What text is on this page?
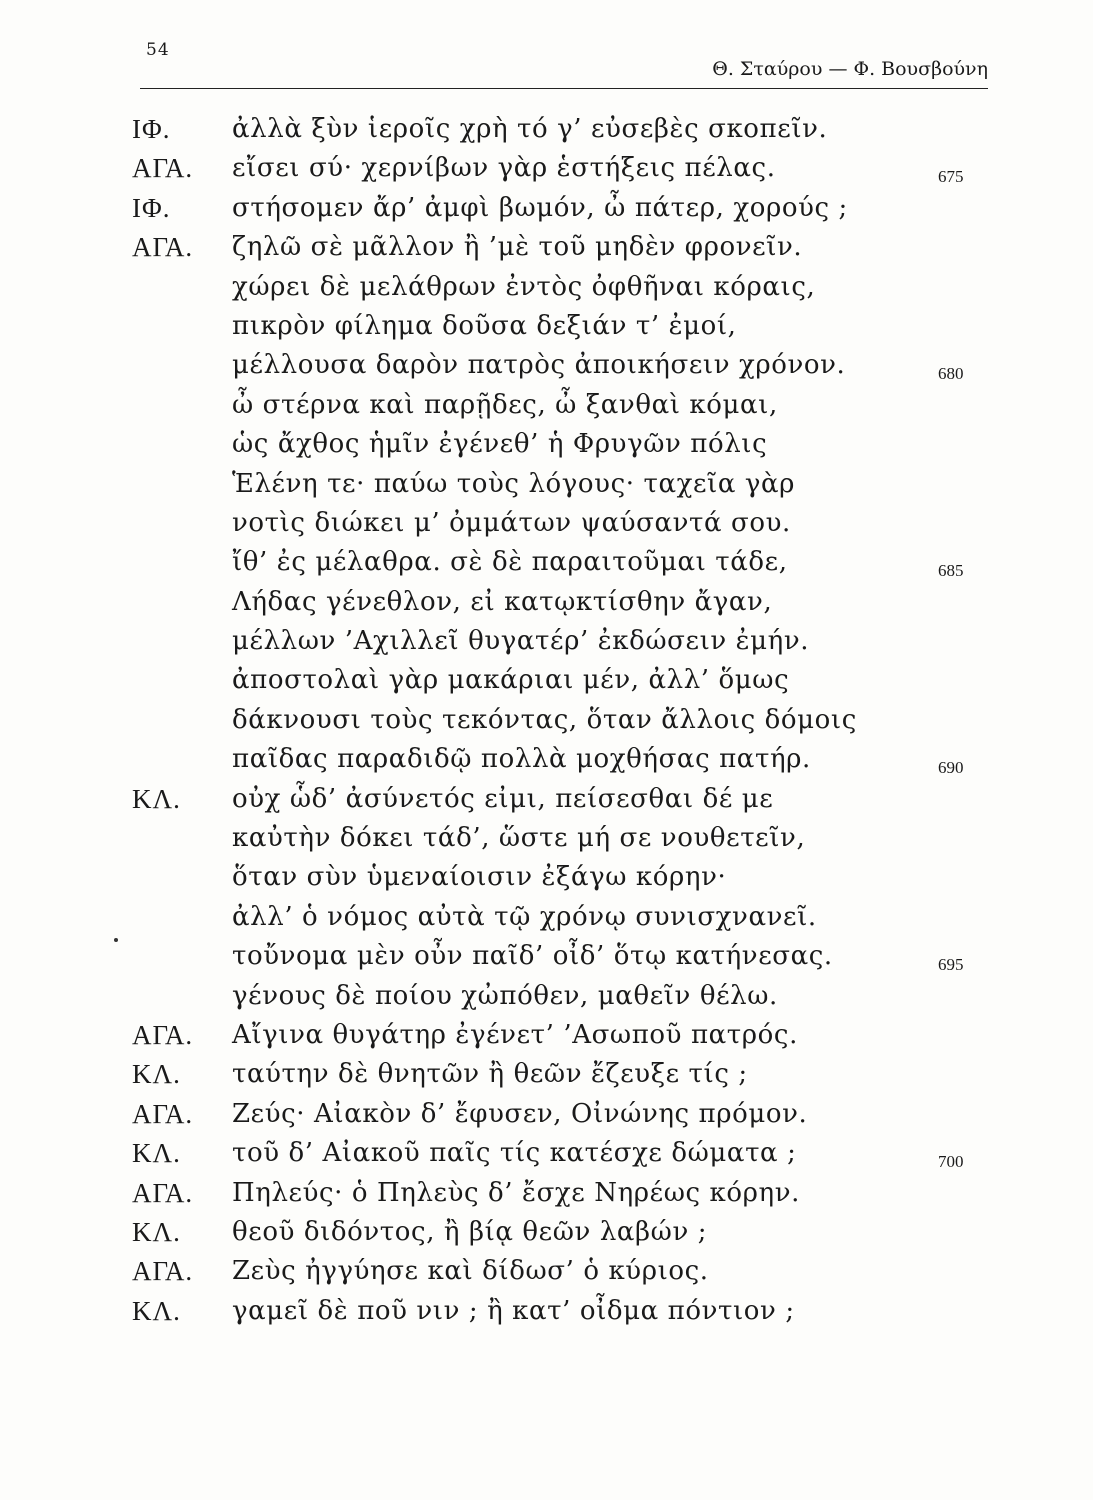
54
Θ. Σταύρου — Φ. Βουσβούνη
ΙΦ.	ἀλλὰ ξὺν ἱεροῖς χρὴ τό γ’ εὐσεβὲς σκοπεῖν.
ΑΓΑ.	εἴσει σύ· χερνίβων γὰρ ἑστήξεις πέλας.	675
ΙΦ.	στήσομεν ἄρ’ ἀμφὶ βωμόν, ὦ πάτερ, χορούς ;
ΑΓΑ.	ζηλῶ σὲ μᾶλλον ἢ ’μὲ τοῦ μηδὲν φρονεῖν.
χώρει δὲ μελάθρων ἐντὸς ὀφθῆναι κόραις,
πικρὸν φίλημα δοῦσα δεξιάν τ’ ἐμοί,
μέλλουσα δαρὸν πατρὸς ἀποικήσειν χρόνον.	680
ὦ στέρνα καὶ παρῇδες, ὦ ξανθαὶ κόμαι,
ὡς ἄχθος ἡμῖν ἐγένεθ’ ἡ Φρυγῶν πόλις
Ἑλένη τε· παύω τοὺς λόγους· ταχεῖα γὰρ
νοτὶς διώκει μ’ ὀμμάτων ψαύσαντά σου.
ἴθ’ ἐς μέλαθρα. σὲ δὲ παραιτοῦμαι τάδε,	685
Λήδας γένεθλον, εἰ κατῳκτίσθην ἄγαν,
μέλλων ’Αχιλλεῖ θυγατέρ’ ἐκδώσειν ἐμήν.
ἀποστολαὶ γὰρ μακάριαι μέν, ἀλλ’ ὅμως
δάκνουσι τοὺς τεκόντας, ὅταν ἄλλοις δόμοις
παῖδας παραδιδῷ πολλὰ μοχθήσας πατήρ.	690
ΚΛ.	οὐχ ὧδ’ ἀσύνετός εἰμι, πείσεσθαι δέ με
καὐτὴν δόκει τάδ’, ὥστε μή σε νουθετεῖν,
ὅταν σὺν ὑμεναίοισιν ἐξάγω κόρην·
ἀλλ’ ὁ νόμος αὐτὰ τῷ χρόνῳ συνισχνανεῖ.
τοὔνομα μὲν οὖν παῖδ’ οἶδ’ ὅτῳ κατήνεσας.	695
γένους δὲ ποίου χὠπόθεν, μαθεῖν θέλω.
ΑΓΑ.	Αἴγινα θυγάτηρ ἐγένετ’ ’Ασωποῦ πατρός.
ΚΛ.	ταύτην δὲ θνητῶν ἢ θεῶν ἔζευξε τίς ;
ΑΓΑ.	Ζεύς· Αἰακὸν δ’ ἔφυσεν, Οἰνώνης πρόμον.
ΚΛ.	τοῦ δ’ Αἰακοῦ παῖς τίς κατέσχε δώματα ;	700
ΑΓΑ.	Πηλεύς· ὁ Πηλεὺς δ’ ἔσχε Νηρέως κόρην.
ΚΛ.	θεοῦ διδόντος, ἢ βίᾳ θεῶν λαβών ;
ΑΓΑ.	Ζεὺς ἠγγύησε καὶ δίδωσ’ ὁ κύριος.
ΚΛ.	γαμεῖ δὲ ποῦ νιν ; ἢ κατ’ οἶδμα πόντιον ;
